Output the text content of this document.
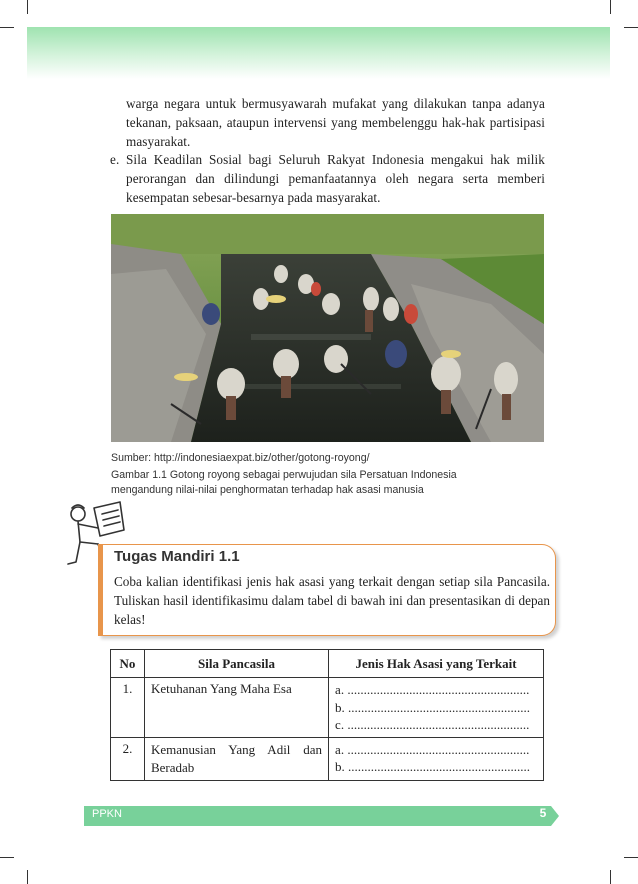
warga negara untuk bermusyawarah mufakat yang dilakukan tanpa adanya tekanan, paksaan, ataupun intervensi yang membelenggu hak-hak partisipasi masyarakat.
e. Sila Keadilan Sosial bagi Seluruh Rakyat Indonesia mengakui hak milik perorangan dan dilindungi pemanfaatannya oleh negara serta memberi kesempatan sebesar-besarnya pada masyarakat.
Sumber: http://indonesiaexpat.biz/other/gotong-royong/
Gambar 1.1 Gotong royong sebagai perwujudan sila Persatuan Indonesia
mengandung nilai-nilai penghormatan terhadap hak asasi manusia
Tugas Mandiri 1.1
Coba kalian identifikasi jenis hak asasi yang terkait dengan setiap sila Pancasila. Tuliskan hasil identifikasimu dalam tabel di bawah ini dan presentasikan di depan kelas!
No	Sila Pancasila	Jenis Hak Asasi yang Terkait
1.	Ketuhanan Yang Maha Esa	a. ........................................................
b. ........................................................
c. ........................................................

2.	Kemanusian Yang Adil dan Beradab	a. ........................................................
b. ........................................................
PPKN	5
